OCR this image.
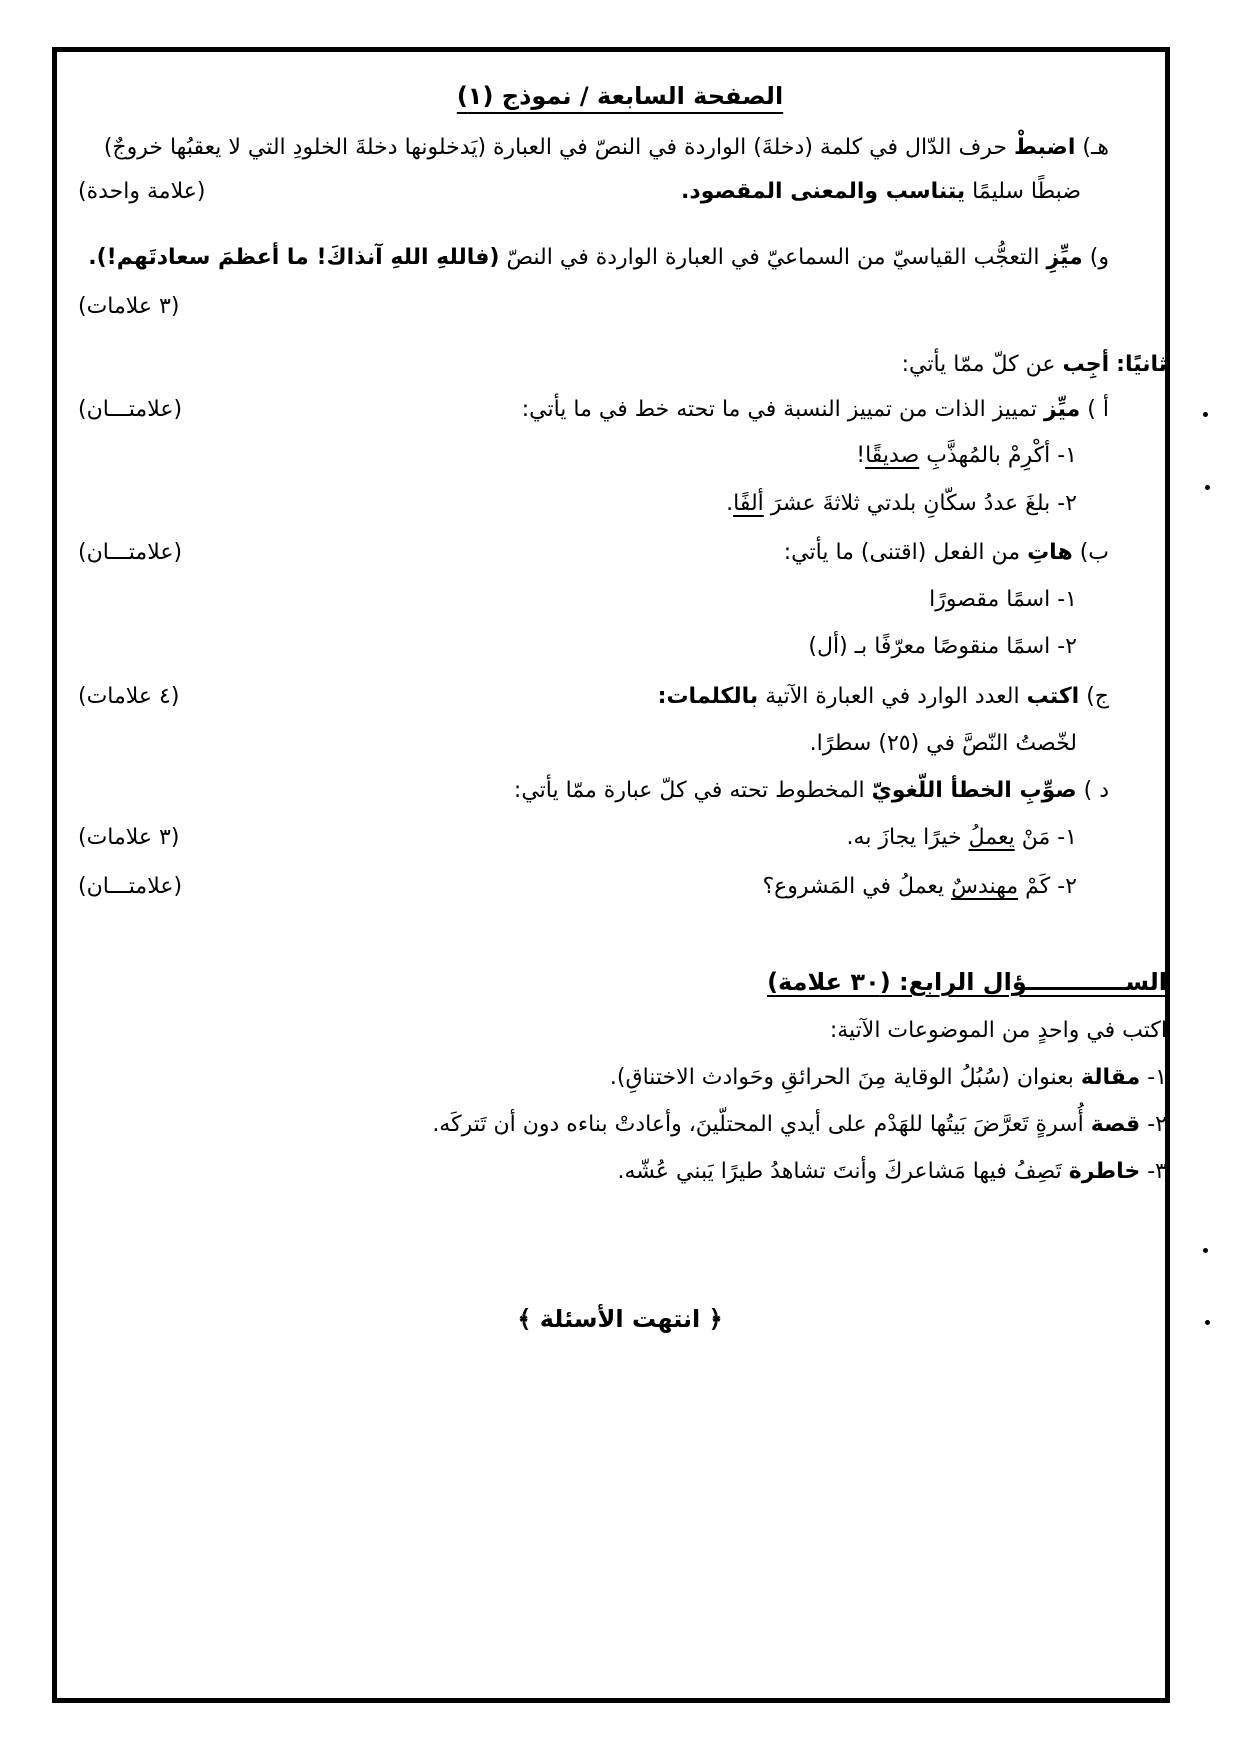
الصفحة السابعة / نموذج (١)
هـ) اضبطْ حرف الدّال في كلمة (دخلةَ) الواردة في النصّ في العبارة (يَدخلونها دخلةَ الخلودِ التي لا يعقبُها خروجٌ)
ضبطًا سليمًا يتناسب والمعنى المقصود.
(علامة واحدة)
و) ميِّزِ التعجُّب القياسيّ من السماعيّ في العبارة الواردة في النصّ (فاللهِ اللهِ آنذاكَ! ما أعظمَ سعادتَهم!).
(٣ علامات)
ثانيًا: أجِب عن كلّ ممّا يأتي:
أ ) ميِّز تمييز الذات من تمييز النسبة في ما تحته خط في ما يأتي:
(علامتـــان)
١- أكْرِمْ بالمُهذَّبِ صديقًا!
٢- بلغَ عددُ سكّانِ بلدتي ثلاثةَ عشرَ ألفًا.
ب) هاتِ من الفعل (اقتنى) ما يأتي:
(علامتـــان)
١- اسمًا مقصورًا
٢- اسمًا منقوصًا معرّفًا بـ (أل)
ج) اكتب العدد الوارد في العبارة الآتية بالكلمات:
(٤ علامات)
لخّصتُ النّصَّ في (٢٥) سطرًا.
د ) صوِّبِ الخطأ اللّغويّ المخطوط تحته في كلّ عبارة ممّا يأتي:
١- مَنْ يعملُ خيرًا يجازَ به.
(٣ علامات)
٢- كَمْ مهندسٌ يعملُ في المَشروع؟
(علامتـــان)
الســــــــــــؤال الرابع: (٣٠ علامة)
اكتب في واحدٍ من الموضوعات الآتية:
١- مقالة بعنوان (سُبُلُ الوقاية مِنَ الحرائقِ وحَوادث الاختناقِ).
٢- قصة أُسرةٍ تَعرَّضَ بَيتُها للهَدْم على أيدي المحتلّينَ، وأعادتْ بناءه دون أن تَتركَه.
٣- خاطرة تَصِفُ فيها مَشاعركَ وأنتَ تشاهدُ طيرًا يَبني عُشّه.
﴿ انتهت الأسئلة ﴾
